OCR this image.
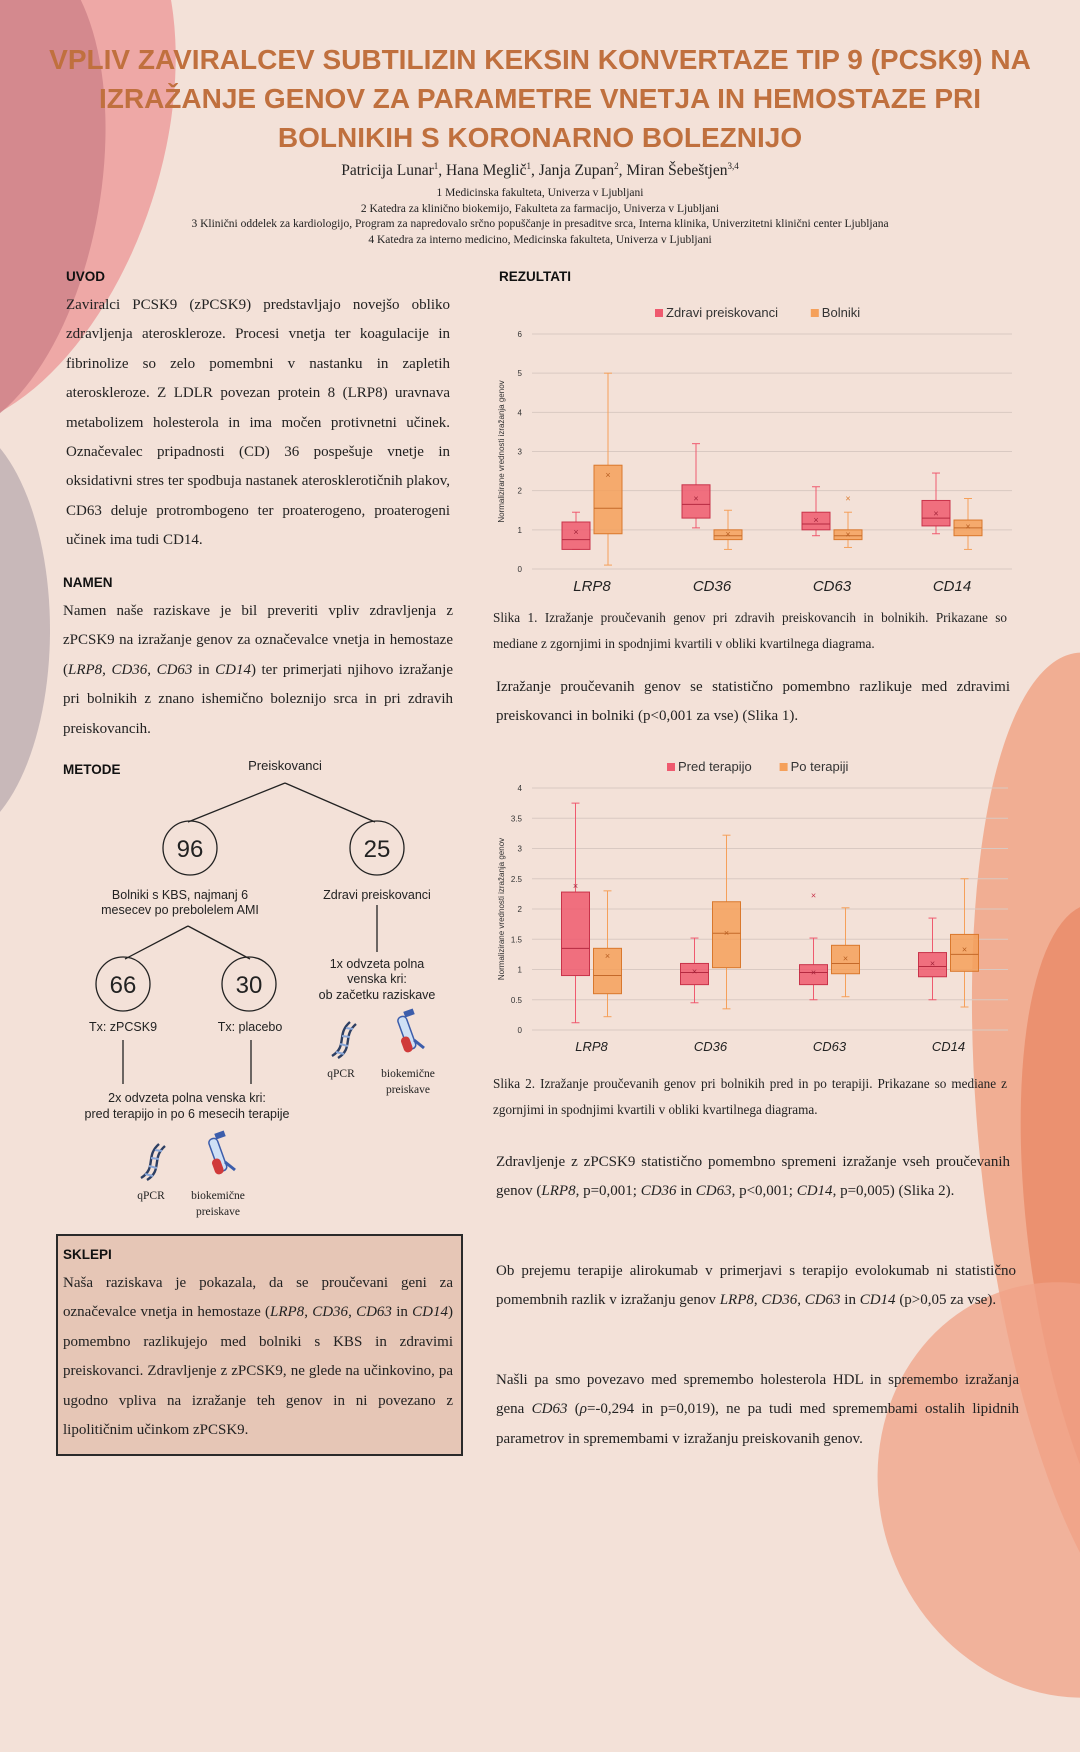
VPLIV ZAVIRALCEV SUBTILIZIN KEKSIN KONVERTAZE TIP 9 (PCSK9) NA IZRAŽANJE GENOV ZA PARAMETRE VNETJA IN HEMOSTAZE PRI BOLNIKIH S KORONARNO BOLEZNIJO
Patricija Lunar$^1$, Hana Meglič$^1$, Janja Zupan$^2$, Miran Šebeštjen$^{3,4}$
1 Medicinska fakulteta, Univerza v Ljubljani
2 Katedra za klinično biokemijo, Fakulteta za farmacijo, Univerza v Ljubljani
3 Klinični oddelek za kardiologijo, Program za napredovalo srčno popuščanje in presaditve srca, Interna klinika, Univerzitetni klinični center Ljubljana
4 Katedra za interno medicino, Medicinska fakulteta, Univerza v Ljubljani
UVOD

Zaviralci PCSK9 (zPCSK9) predstavljajo novejšo obliko zdravljenja ateroskleroze. Procesi vnetja ter koagulacije in fibrinolize so zelo pomembni v nastanku in zapletih ateroskleroze. Z LDLR povezan protein 8 (LRP8) uravnava metabolizem holesterola in ima močen protivnetni učinek. Označevalec pripadnosti (CD) 36 pospešuje vnetje in oksidativni stres ter spodbuja nastanek aterosklerotičnih plakov, CD63 deluje protrombogeno ter proaterogeno, proaterogeni učinek ima tudi CD14.

NAMEN

Namen naše raziskave je bil preveriti vpliv zdravljenja z zPCSK9 na izražanje genov za označevalce vnetja in hemostaze (LRP8, CD36, CD63 in CD14) ter primerjati njihovo izražanje pri bolnikih z znano ishemično boleznijo srca in pri zdravih preiskovancih.

METODE	Preiskovanci
96	25
Bolniki s KBS, najmanj 6
mesecev po prebolelem AMI
Zdravi preiskovanci
66	30
Tx: zPCSK9	Tx: placebo
1x odvzeta polna
venska kri:
ob začetku raziskave
2x odvzeta polna venska kri:
pred terapijo in po 6 mesecih terapije
qPCR biokemične
preiskave
qPCR biokemične
preiskave
SKLEPI

Naša raziskava je pokazala, da se proučevani geni za označevalce vnetja in hemostaze (LRP8, CD36, CD63 in CD14) pomembno razlikujejo med bolniki s KBS in zdravimi preiskovanci. Zdravljenje z zPCSK9, ne glede na učinkovino, pa ugodno vpliva na izražanje teh genov in ni povezano z lipolitičnim učinkom zPCSK9.

REZULTATI
Zdravi preiskovanci	Bolniki
0
1
2
3
4
5
6
Normalizirane vrednosti izražanja genov
LRP8
×
×
CD36
×
×
CD63
×
×
×
CD14
×
×

Slika 1. Izražanje proučevanih genov pri zdravih preiskovancih in bolnikih. Prikazane so mediane z zgornjimi in spodnjimi kvartili v obliki kvartilnega diagrama.

Izražanje proučevanih genov se statistično pomembno razlikuje med zdravimi preiskovanci in bolniki (p<0,001 za vse) (Slika 1).

Pred terapijo	Po terapiji
0
0.5
1
1.5
2
2.5
3
3.5
4
Normalizirane vrednosti izražanja genov
LRP8
×
×
CD36
×
×
CD63
×
×
×
CD14
×
×

Slika 2. Izražanje proučevanih genov pri bolnikih pred in po terapiji. Prikazane so mediane z zgornjimi in spodnjimi kvartili v obliki kvartilnega diagrama.

Zdravljenje z zPCSK9 statistično pomembno spremeni izražanje vseh proučevanih genov (LRP8, p=0,001; CD36 in CD63, p<0,001; CD14, p=0,005) (Slika 2).

Ob prejemu terapije alirokumab v primerjavi s terapijo evolokumab ni statistično pomembnih razlik v izražanju genov LRP8, CD36, CD63 in CD14 (p>0,05 za vse).

Našli pa smo povezavo med spremembo holesterola HDL in spremembo izražanja gena CD63 (ρ=-0,294 in p=0,019), ne pa tudi med spremembami ostalih lipidnih parametrov in spremembami v izražanju preiskovanih genov.
